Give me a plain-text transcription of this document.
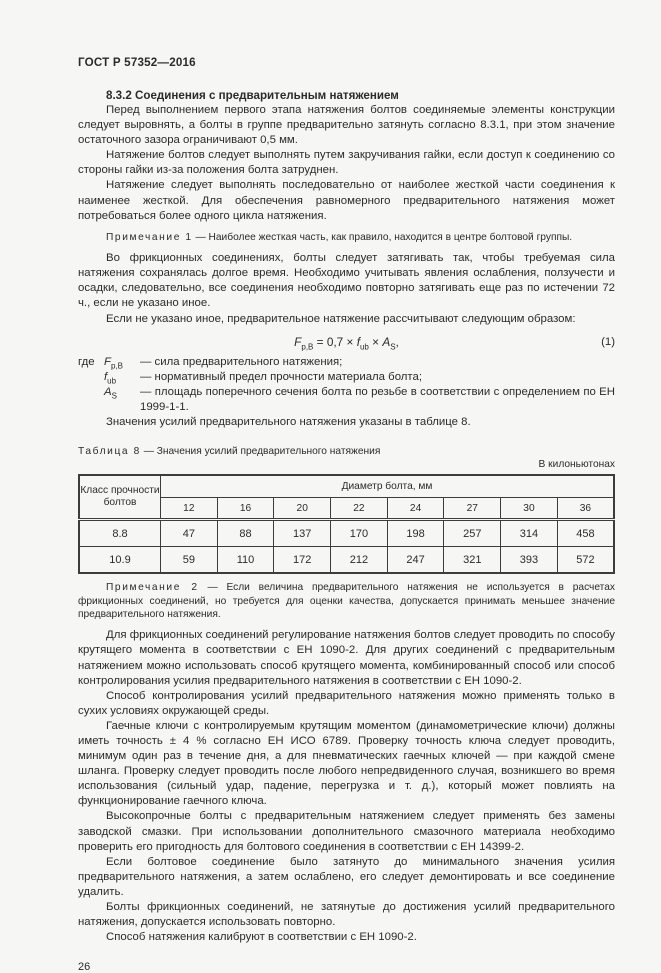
ГОСТ Р 57352—2016
8.3.2 Соединения с предварительным натяжением

Перед выполнением первого этапа натяжения болтов соединяемые элементы конструкции следует выровнять, а болты в группе предварительно затянуть согласно 8.3.1, при этом значение остаточного зазора ограничивают 0,5 мм.

Натяжение болтов следует выполнять путем закручивания гайки, если доступ к соединению со стороны гайки из-за положения болта затруднен.

Натяжение следует выполнять последовательно от наиболее жесткой части соединения к наименее жесткой. Для обеспечения равномерного предварительного натяжения может потребоваться более одного цикла натяжения.

Примечание 1 — Наиболее жесткая часть, как правило, находится в центре болтовой группы.

Во фрикционных соединениях, болты следует затягивать так, чтобы требуемая сила натяжения сохранялась долгое время. Необходимо учитывать явления ослабления, ползучести и осадки, следовательно, все соединения необходимо повторно затягивать еще раз по истечении 72 ч., если не указано иное.

Если не указано иное, предварительное натяжение рассчитывают следующим образом:

$F_{p,B} = 0,7 \times f_{ub} \times A_S$,	(1)
где $F_{p,B}$	— сила предварительного натяжения;
$f_{ub}$	— нормативный предел прочности материала болта;
$A_S$	— площадь поперечного сечения болта по резьбе в соответствии с определением по ЕН 1999-1-1.

Значения усилий предварительного натяжения указаны в таблице 8.

Таблица 8 — Значения усилий предварительного натяжения
В килоньютонах
Класс прочности болтов	Диаметр болта, мм							
	12	16	20	22	24	27	30	36
8.8	47	88	137	170	198	257	314	458
10.9	59	110	172	212	247	321	393	572

Примечание 2 — Если величина предварительного натяжения не используется в расчетах фрикционных соединений, но требуется для оценки качества, допускается принимать меньшее значение предварительного натяжения.

Для фрикционных соединений регулирование натяжения болтов следует проводить по способу крутящего момента в соответствии с ЕН 1090-2. Для других соединений с предварительным натяжением можно использовать способ крутящего момента, комбинированный способ или способ контролирования усилия предварительного натяжения в соответствии с ЕН 1090-2.

Способ контролирования усилий предварительного натяжения можно применять только в сухих условиях окружающей среды.

Гаечные ключи с контролируемым крутящим моментом (динамометрические ключи) должны иметь точность ± 4 % согласно ЕН ИСО 6789. Проверку точность ключа следует проводить, минимум один раз в течение дня, а для пневматических гаечных ключей — при каждой смене шланга. Проверку следует проводить после любого непредвиденного случая, возникшего во время использования (сильный удар, падение, перегрузка и т. д.), который может повлиять на функционирование гаечного ключа.

Высокопрочные болты с предварительным натяжением следует применять без замены заводской смазки. При использовании дополнительного смазочного материала необходимо проверить его пригодность для болтового соединения в соответствии с ЕН 14399-2.

Если болтовое соединение было затянуто до минимального значения усилия предварительного натяжения, а затем ослаблено, его следует демонтировать и все соединение удалить.

Болты фрикционных соединений, не затянутые до достижения усилий предварительного натяжения, допускается использовать повторно.

Способ натяжения калибруют в соответствии с ЕН 1090-2.

26
